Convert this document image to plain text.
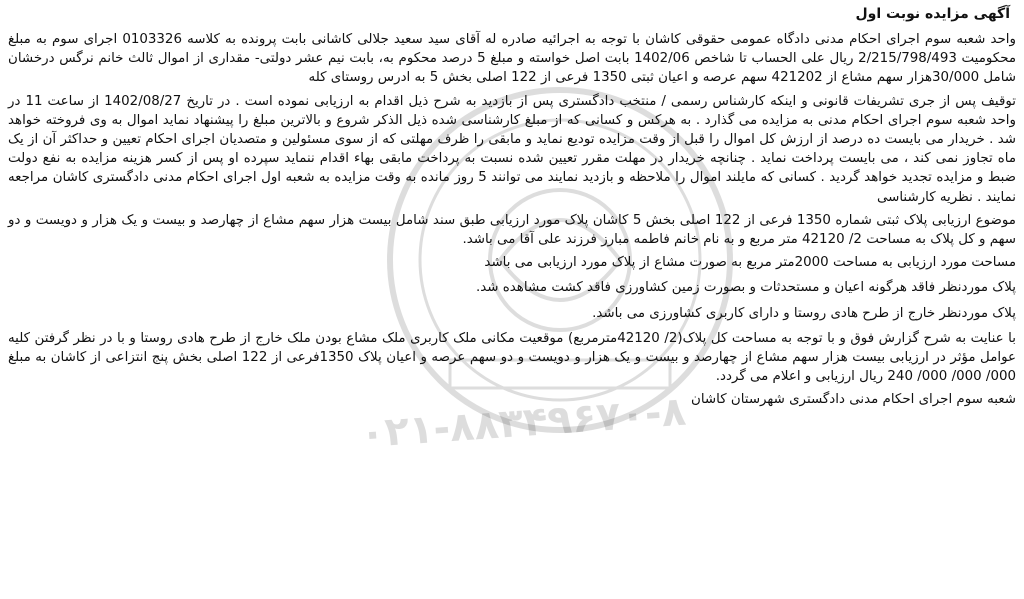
۰۲۱-۸۸۳۴۹۶۷۰-۸
آگهی مزایده نوبت اول

واحد شعبه سوم اجرای احکام مدنی دادگاه عمومی حقوقی کاشان با توجه به اجرائیه صادره له آقای سید سعید جلالی کاشانی بابت پرونده به کلاسه 0103326 اجرای سوم به مبلغ محکومیت 2/215/798/493 ریال علی الحساب تا شاخص 1402/06 بابت اصل خواسته و مبلغ 5 درصد محکوم به، بابت نیم عشر دولتی- مقداری از اموال ثالث خانم نرگس درخشان شامل 30/000هزار سهم مشاع از 421202 سهم عرصه و اعیان ثبتی 1350 فرعی از 122 اصلی بخش 5 به ادرس روستای کله

توقیف پس از جری تشریفات قانونی و اینکه کارشناس رسمی / منتخب دادگستری پس از بازدید به شرح ذیل اقدام به ارزیابی نموده است . در تاریخ 1402/08/27 از ساعت 11 در واحد شعبه سوم اجرای احکام مدنی به مزایده می گذارد . به هرکس و کسانی که از مبلغ کارشناسی شده ذیل الذکر شروع و بالاترین مبلغ را پیشنهاد نماید اموال به وی فروخته خواهد شد . خریدار می بایست ده درصد از ارزش کل اموال را قبل از وقت مزایده تودیع نماید و مابقی را ظرف مهلتی که از سوی مسئولین و متصدیان اجرای احکام تعیین و حداکثر آن از یک ماه تجاوز نمی کند ، می بایست پرداخت نماید . چنانچه خریدار در مهلت مقرر تعیین شده نسبت به پرداخت مابقی بهاء اقدام ننماید سپرده او پس از کسر هزینه مزایده به نفع دولت ضبط و مزایده تجدید خواهد گردید . کسانی که مایلند اموال را ملاحظه و بازدید نمایند می توانند 5 روز مانده به وقت مزایده به شعبه اول اجرای احکام مدنی دادگستری کاشان مراجعه نمایند . نظریه کارشناسی

موضوع ارزیابی پلاک ثبتی شماره 1350 فرعی از 122 اصلی بخش 5 کاشان پلاک مورد ارزیابی طبق سند شامل بیست هزار سهم مشاع از چهارصد و بیست و یک هزار و دویست و دو سهم و کل پلاک به مساحت 2/ 42120 متر مربع و به نام خانم فاطمه مبارز فرزند علی آقا می باشد.

مساحت مورد ارزیابی به مساحت 2000متر مربع به صورت مشاع از پلاک مورد ارزیابی می باشد

پلاک موردنظر فاقد هرگونه اعیان و مستحدثات و بصورت زمین کشاورزی فاقد کشت مشاهده شد.

پلاک موردنظر خارج از طرح هادی روستا و دارای کاربری کشاورزی می باشد.

با عنایت به شرح گزارش فوق و با توجه به مساحت کل پلاک(2/ 42120مترمربع) موقعیت مکانی ملک کاربری ملک مشاع بودن ملک خارج از طرح هادی روستا و با در نظر گرفتن کلیه عوامل مؤثر در ارزیابی بیست هزار سهم مشاع از چهارصد و بیست و یک هزار و دویست و دو سهم عرصه و اعیان پلاک 1350فرعی از 122 اصلی بخش پنج انتزاعی از کاشان به مبلغ 000/ 000/ 000/ 240 ریال ارزیابی و اعلام می گردد.

شعبه سوم اجرای احکام مدنی دادگستری شهرستان کاشان
